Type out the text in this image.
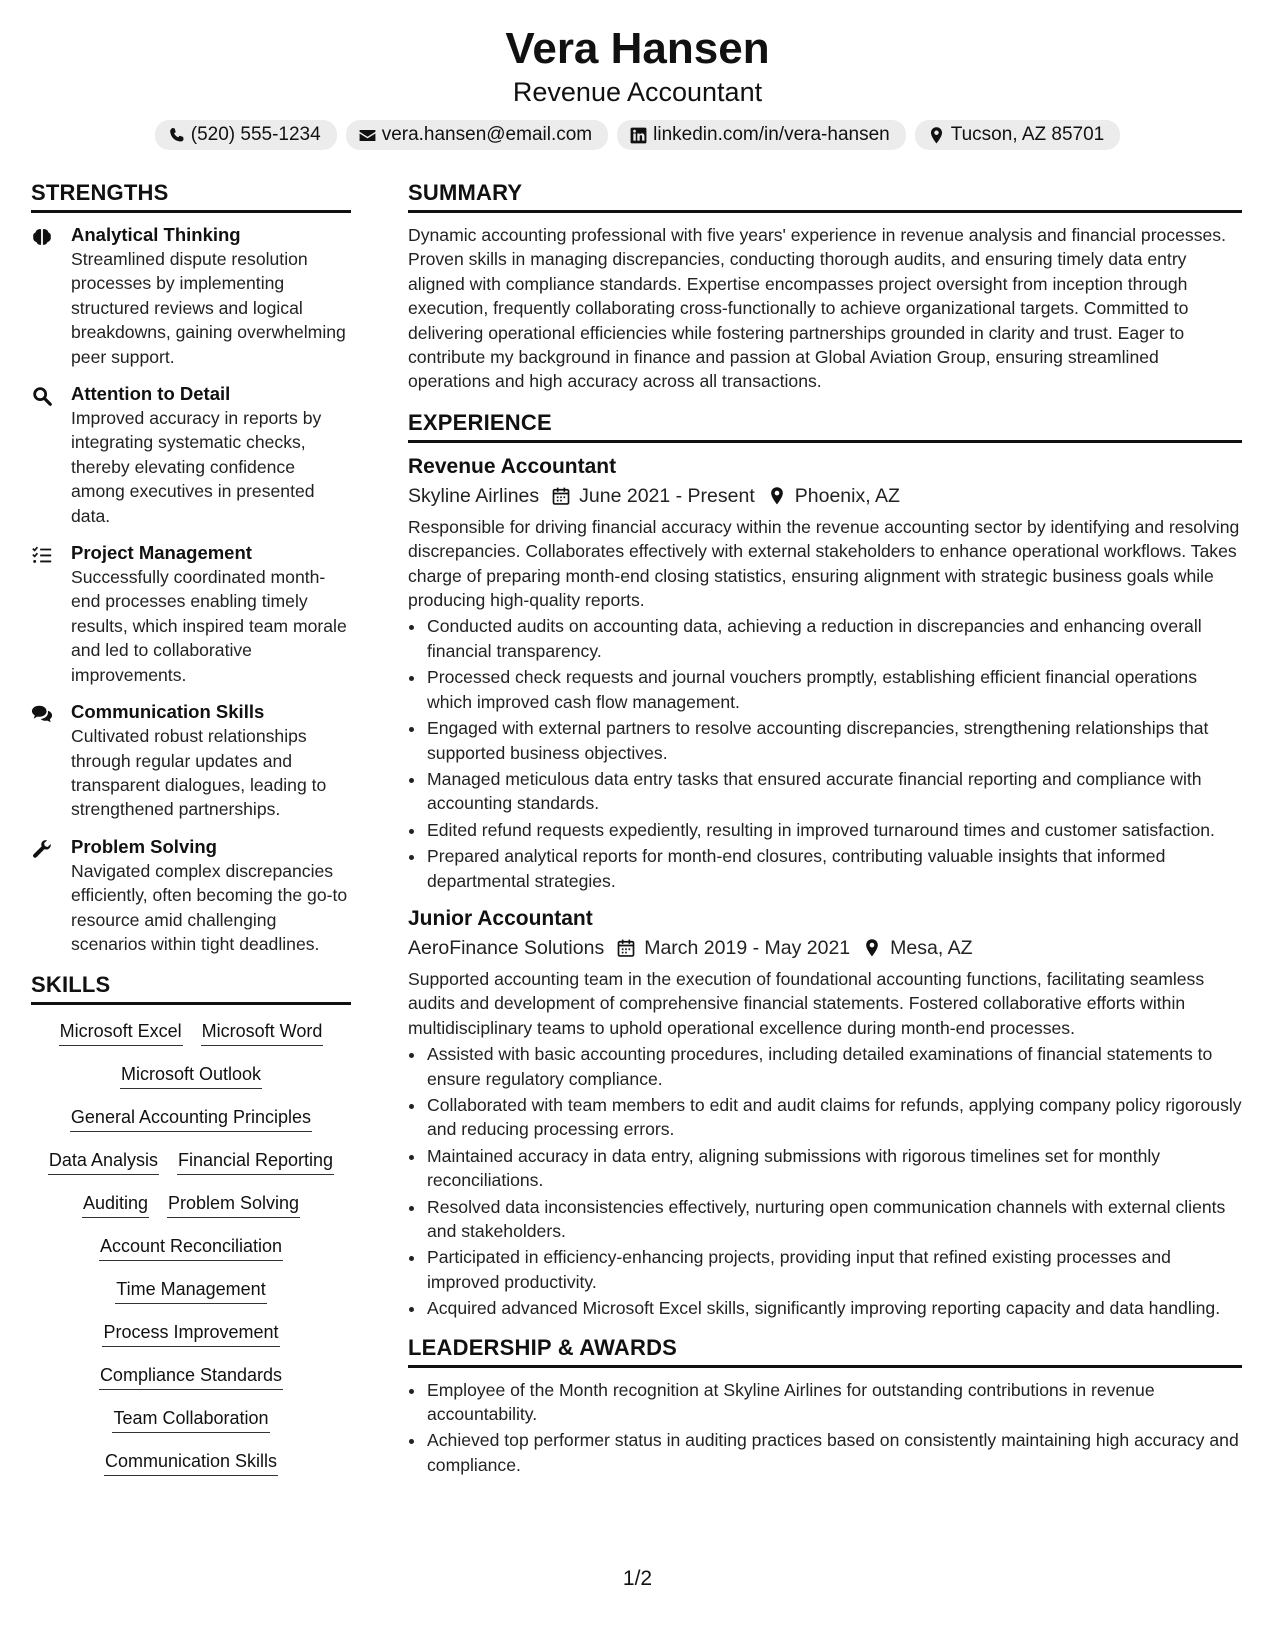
Vera Hansen
Revenue Accountant
(520) 555-1234	vera.hansen@email.com	linkedin.com/in/vera-hansen	Tucson, AZ 85701
STRENGTHS
Analytical Thinking
Streamlined dispute resolution processes by implementing structured reviews and logical breakdowns, gaining overwhelming peer support.
Attention to Detail
Improved accuracy in reports by integrating systematic checks, thereby elevating confidence among executives in presented data.
Project Management
Successfully coordinated month-end processes enabling timely results, which inspired team morale and led to collaborative improvements.
Communication Skills
Cultivated robust relationships through regular updates and transparent dialogues, leading to strengthened partnerships.
Problem Solving
Navigated complex discrepancies efficiently, often becoming the go-to resource amid challenging scenarios within tight deadlines.
SKILLS
Microsoft Excel Microsoft Word
Microsoft Outlook
General Accounting Principles
Data Analysis Financial Reporting
Auditing Problem Solving
Account Reconciliation
Time Management
Process Improvement
Compliance Standards
Team Collaboration
Communication Skills
SUMMARY
Dynamic accounting professional with five years' experience in revenue analysis and financial processes. Proven skills in managing discrepancies, conducting thorough audits, and ensuring timely data entry aligned with compliance standards. Expertise encompasses project oversight from inception through execution, frequently collaborating cross-functionally to achieve organizational targets. Committed to delivering operational efficiencies while fostering partnerships grounded in clarity and trust. Eager to contribute my background in finance and passion at Global Aviation Group, ensuring streamlined operations and high accuracy across all transactions.
EXPERIENCE
Revenue Accountant
Skyline Airlines June 2021 - Present Phoenix, AZ
Responsible for driving financial accuracy within the revenue accounting sector by identifying and resolving discrepancies. Collaborates effectively with external stakeholders to enhance operational workflows. Takes charge of preparing month-end closing statistics, ensuring alignment with strategic business goals while producing high-quality reports.
• Conducted audits on accounting data, achieving a reduction in discrepancies and enhancing overall financial transparency.
• Processed check requests and journal vouchers promptly, establishing efficient financial operations which improved cash flow management.
• Engaged with external partners to resolve accounting discrepancies, strengthening relationships that supported business objectives.
• Managed meticulous data entry tasks that ensured accurate financial reporting and compliance with accounting standards.
• Edited refund requests expediently, resulting in improved turnaround times and customer satisfaction.
• Prepared analytical reports for month-end closures, contributing valuable insights that informed departmental strategies.
Junior Accountant
AeroFinance Solutions March 2019 - May 2021 Mesa, AZ
Supported accounting team in the execution of foundational accounting functions, facilitating seamless audits and development of comprehensive financial statements. Fostered collaborative efforts within multidisciplinary teams to uphold operational excellence during month-end processes.
• Assisted with basic accounting procedures, including detailed examinations of financial statements to ensure regulatory compliance.
• Collaborated with team members to edit and audit claims for refunds, applying company policy rigorously and reducing processing errors.
• Maintained accuracy in data entry, aligning submissions with rigorous timelines set for monthly reconciliations.
• Resolved data inconsistencies effectively, nurturing open communication channels with external clients and stakeholders.
• Participated in efficiency-enhancing projects, providing input that refined existing processes and improved productivity.
• Acquired advanced Microsoft Excel skills, significantly improving reporting capacity and data handling.
LEADERSHIP & AWARDS
• Employee of the Month recognition at Skyline Airlines for outstanding contributions in revenue accountability.
• Achieved top performer status in auditing practices based on consistently maintaining high accuracy and compliance.
1/2
